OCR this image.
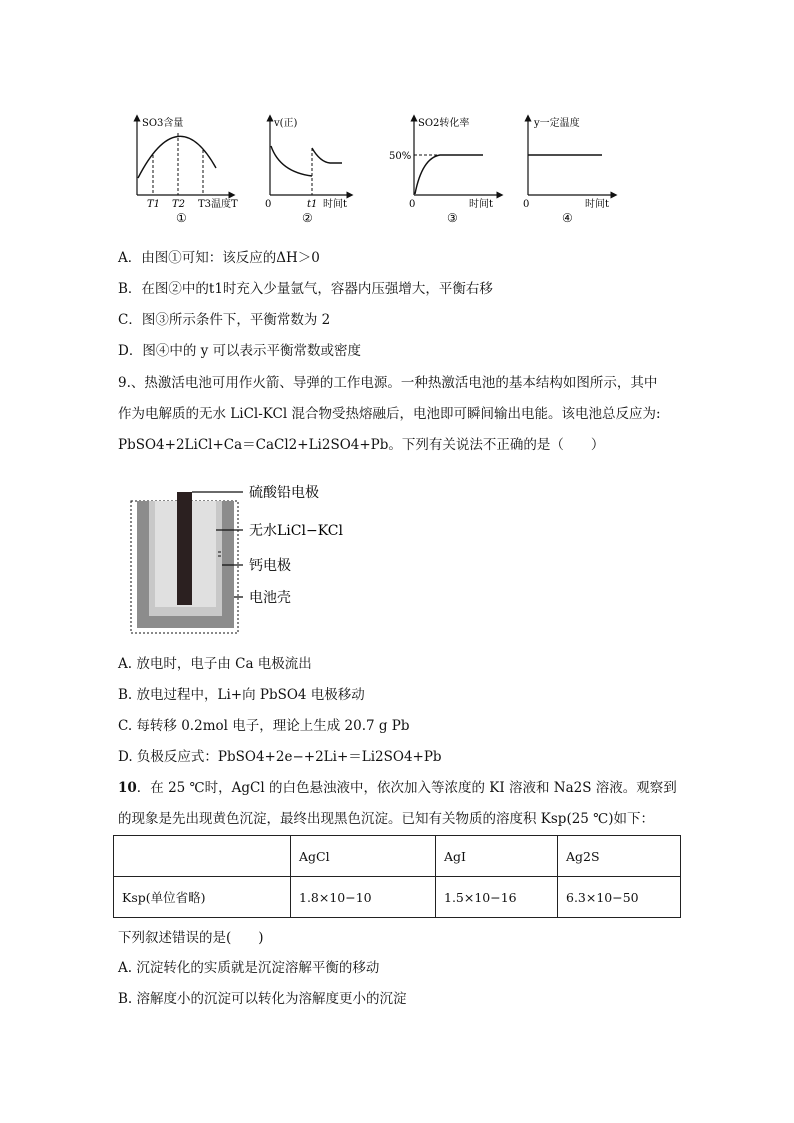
SO3含量
T1 T2 T3温度T
①
v(正)
0	t1 时间t
②
SO2转化率
50%
0	时间t
③
y一定温度
0	时间t
④
A．由图①可知：该反应的ΔH＞0
B．在图②中的t1时充入少量氩气，容器内压强增大，平衡右移
C．图③所示条件下，平衡常数为 2
D．图④中的 y 可以表示平衡常数或密度
9.、热激活电池可用作火箭、导弹的工作电源。一种热激活电池的基本结构如图所示，其中
作为电解质的无水 LiCl-KCl 混合物受热熔融后，电池即可瞬间输出电能。该电池总反应为:
PbSO4+2LiCl+Ca＝CaCl2+Li2SO4+Pb。下列有关说法不正确的是（　　）
硫酸铅电极
无水LiCl−KCl
钙电极
电池壳
A. 放电时，电子由 Ca 电极流出
B. 放电过程中，Li+向 PbSO4 电极移动
C. 每转移 0.2mol 电子，理论上生成 20.7 g Pb
D. 负极反应式：PbSO4+2e−+2Li+＝Li2SO4+Pb
10．在 25 ℃时，AgCl 的白色悬浊液中，依次加入等浓度的 KI 溶液和 Na2S 溶液。观察到
的现象是先出现黄色沉淀，最终出现黑色沉淀。已知有关物质的溶度积 Ksp(25 ℃)如下：
	AgCl	AgI	Ag2S
Ksp(单位省略)	1.8×10−10	1.5×10−16	6.3×10−50
下列叙述错误的是(　　)
A. 沉淀转化的实质就是沉淀溶解平衡的移动
B. 溶解度小的沉淀可以转化为溶解度更小的沉淀
